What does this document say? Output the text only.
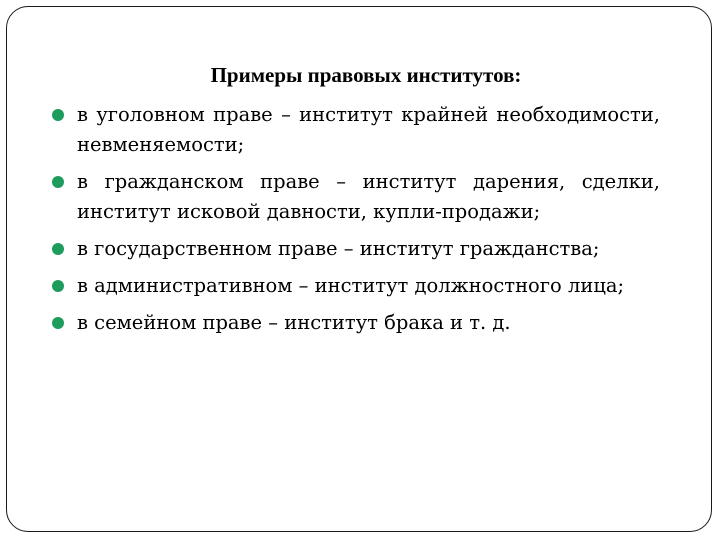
Примеры правовых институтов:
в уголовном праве – институт крайней необходимости, невменяемости;
в гражданском праве – институт дарения, сделки, институт исковой давности, купли-продажи;
в государственном праве – институт гражданства;
в административном – институт должностного лица;
в семейном праве – институт брака и т. д.
